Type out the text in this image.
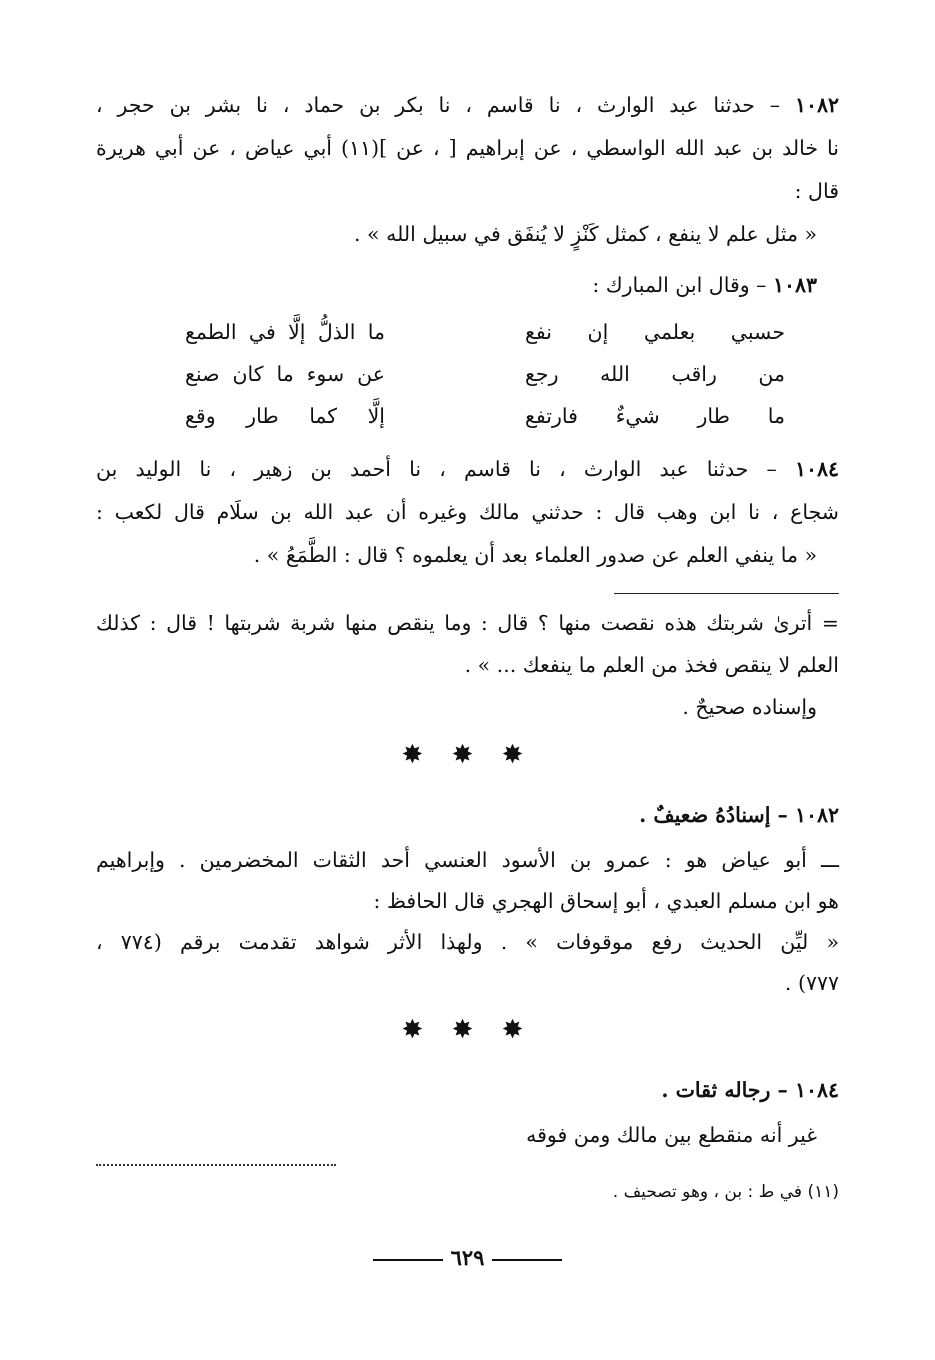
١٠٨٢ – حدثنا عبد الوارث ، نا قاسم ، نا بكر بن حماد ، نا بشر بن حجر ،
نا خالد بن عبد الله الواسطي ، عن إبراهيم [ ، عن ](١١) أبي عياض ، عن أبي هريرة
قال :
« مثل علم لا ينفع ، كمثل كَنْزٍ لا يُنفَق في سبيل الله » .
١٠٨٣ – وقال ابن المبارك :
حسبي بعلمي إن نفع
ما الذلُّ إلَّا في الطمع
من راقب الله رجع
عن سوء ما كان صنع
ما طار شيءٌ فارتفع
إلَّا كما طار وقع
١٠٨٤ – حدثنا عبد الوارث ، نا قاسم ، نا أحمد بن زهير ، نا الوليد بن
شجاع ، نا ابن وهب قال : حدثني مالك وغيره أن عبد الله بن سلَام قال لكعب :
« ما ينفي العلم عن صدور العلماء بعد أن يعلموه ؟ قال : الطَّمَعُ » .
= أترىٰ شربتك هذه نقصت منها ؟ قال : وما ينقص منها شربة شربتها ! قال : كذلك
العلم لا ينقص فخذ من العلم ما ينفعك ... » .
وإسناده صحيحٌ .
✸ ✸ ✸
١٠٨٢ – إسنادُهُ ضعيفٌ .
ـــ أبو عياض هو : عمرو بن الأسود العنسي أحد الثقات المخضرمين . وإبراهيم
هو ابن مسلم العبدي ، أبو إسحاق الهجري قال الحافظ :
« ليِّن الحديث رفع موقوفات » . ولهذا الأثر شواهد تقدمت برقم (٧٧٤ ،
٧٧٧) .
✸ ✸ ✸
١٠٨٤ – رجاله ثقات .
غير أنه منقطع بين مالك ومن فوقه
(١١) في ط : بن ، وهو تصحيف .
٦٢٩
